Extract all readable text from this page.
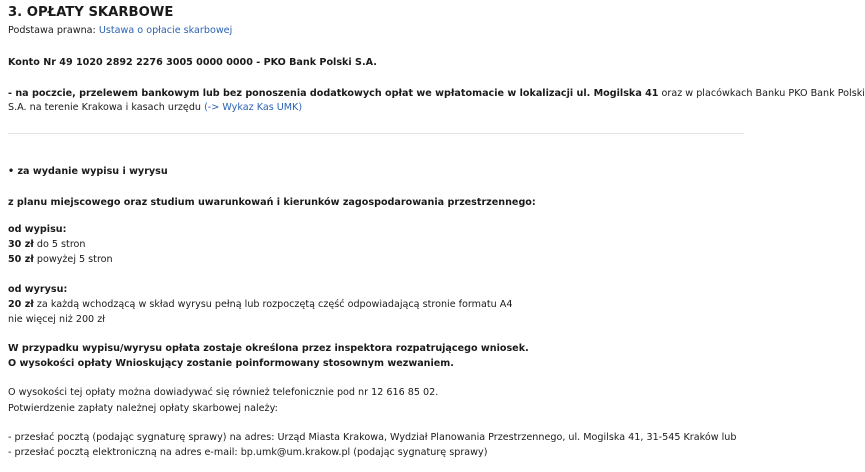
3. OPŁATY SKARBOWE
Podstawa prawna: Ustawa o opłacie skarbowej
Konto Nr 49 1020 2892 2276 3005 0000 0000 - PKO Bank Polski S.A.
- na poczcie, przelewem bankowym lub bez ponoszenia dodatkowych opłat we wpłatomacie w lokalizacji ul. Mogilska 41 oraz w placówkach Banku PKO Bank Polski
S.A. na terenie Krakowa i kasach urzędu (-> Wykaz Kas UMK)
• za wydanie wypisu i wyrysu
z planu miejscowego oraz studium uwarunkowań i kierunków zagospodarowania przestrzennego:
od wypisu:
30 zł do 5 stron
50 zł powyżej 5 stron
od wyrysu:
20 zł za każdą wchodzącą w skład wyrysu pełną lub rozpoczętą część odpowiadającą stronie formatu A4
nie więcej niż 200 zł
W przypadku wypisu/wyrysu opłata zostaje określona przez inspektora rozpatrującego wniosek.
O wysokości opłaty Wnioskujący zostanie poinformowany stosownym wezwaniem.
O wysokości tej opłaty można dowiadywać się również telefonicznie pod nr 12 616 85 02.
Potwierdzenie zapłaty należnej opłaty skarbowej należy:
- przesłać pocztą (podając sygnaturę sprawy) na adres: Urząd Miasta Krakowa, Wydział Planowania Przestrzennego, ul. Mogilska 41, 31-545 Kraków lub
- przesłać pocztą elektroniczną na adres e-mail: bp.umk@um.krakow.pl (podając sygnaturę sprawy)
